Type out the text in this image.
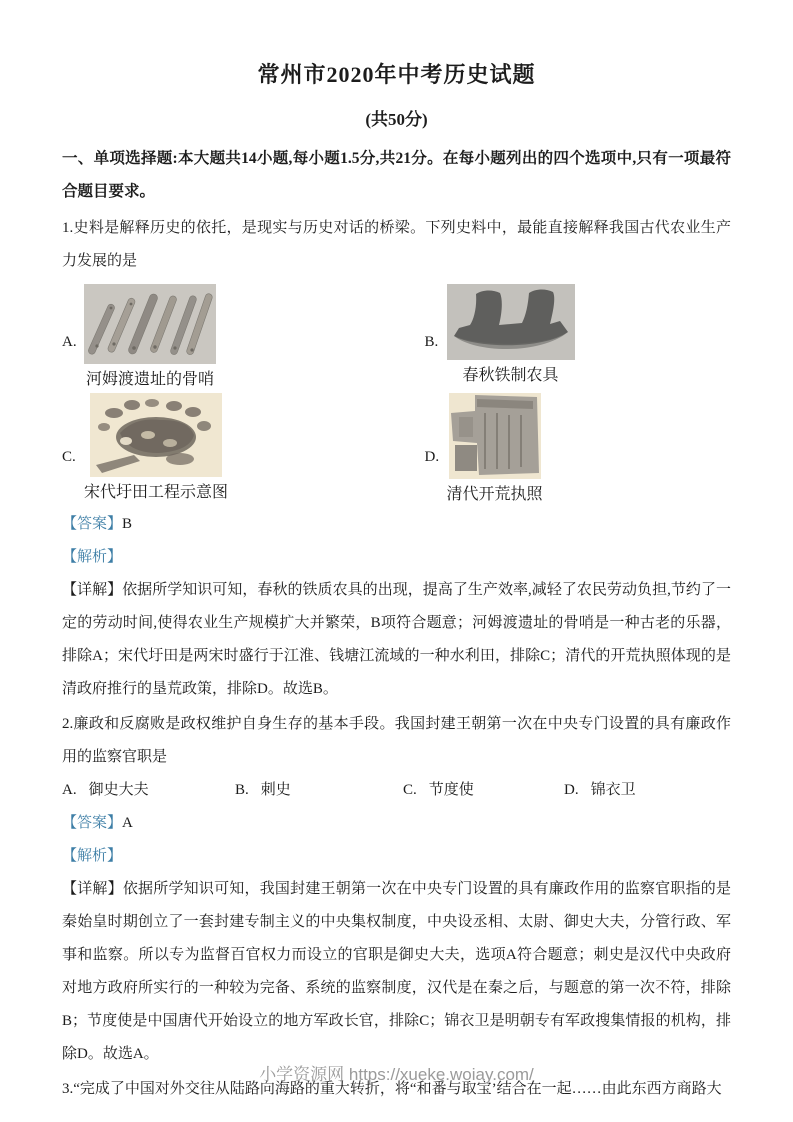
常州市2020年中考历史试题
(共50分)

一、单项选择题:本大题共14小题,每小题1.5分,共21分。在每小题列出的四个选项中,只有一项最符合题目要求。

1.史料是解释历史的依托，是现实与历史对话的桥梁。下列史料中，最能直接解释我国古代农业生产力发展的是

A.
河姆渡遗址的骨哨
B.
春秋铁制农具
C.
宋代圩田工程示意图
D.
清代开荒执照

【答案】B

【解析】

【详解】依据所学知识可知，春秋的铁质农具的出现，提高了生产效率,减轻了农民劳动负担,节约了一定的劳动时间,使得农业生产规模扩大并繁荣，B项符合题意；河姆渡遗址的骨哨是一种古老的乐器，排除A；宋代圩田是两宋时盛行于江淮、钱塘江流域的一种水利田，排除C；清代的开荒执照体现的是清政府推行的垦荒政策，排除D。故选B。

2.廉政和反腐败是政权维护自身生存的基本手段。我国封建王朝第一次在中央专门设置的具有廉政作用的监察官职是

A. 御史大夫	B. 刺史	C. 节度使	D. 锦衣卫

【答案】A

【解析】

【详解】依据所学知识可知，我国封建王朝第一次在中央专门设置的具有廉政作用的监察官职指的是秦始皇时期创立了一套封建专制主义的中央集权制度，中央设丞相、太尉、御史大夫，分管行政、军事和监察。所以专为监督百官权力而设立的官职是御史大夫，选项A符合题意；刺史是汉代中央政府对地方政府所实行的一种较为完备、系统的监察制度，汉代是在秦之后，与题意的第一次不符，排除B；节度使是中国唐代开始设立的地方军政长官，排除C；锦衣卫是明朝专有军政搜集情报的机构，排除D。故选A。

3.“完成了中国对外交往从陆路向海路的重大转折，将“和番与取宝’结合在一起……由此东西方商路大

小学资源网 https://xueke.woiay.com/
